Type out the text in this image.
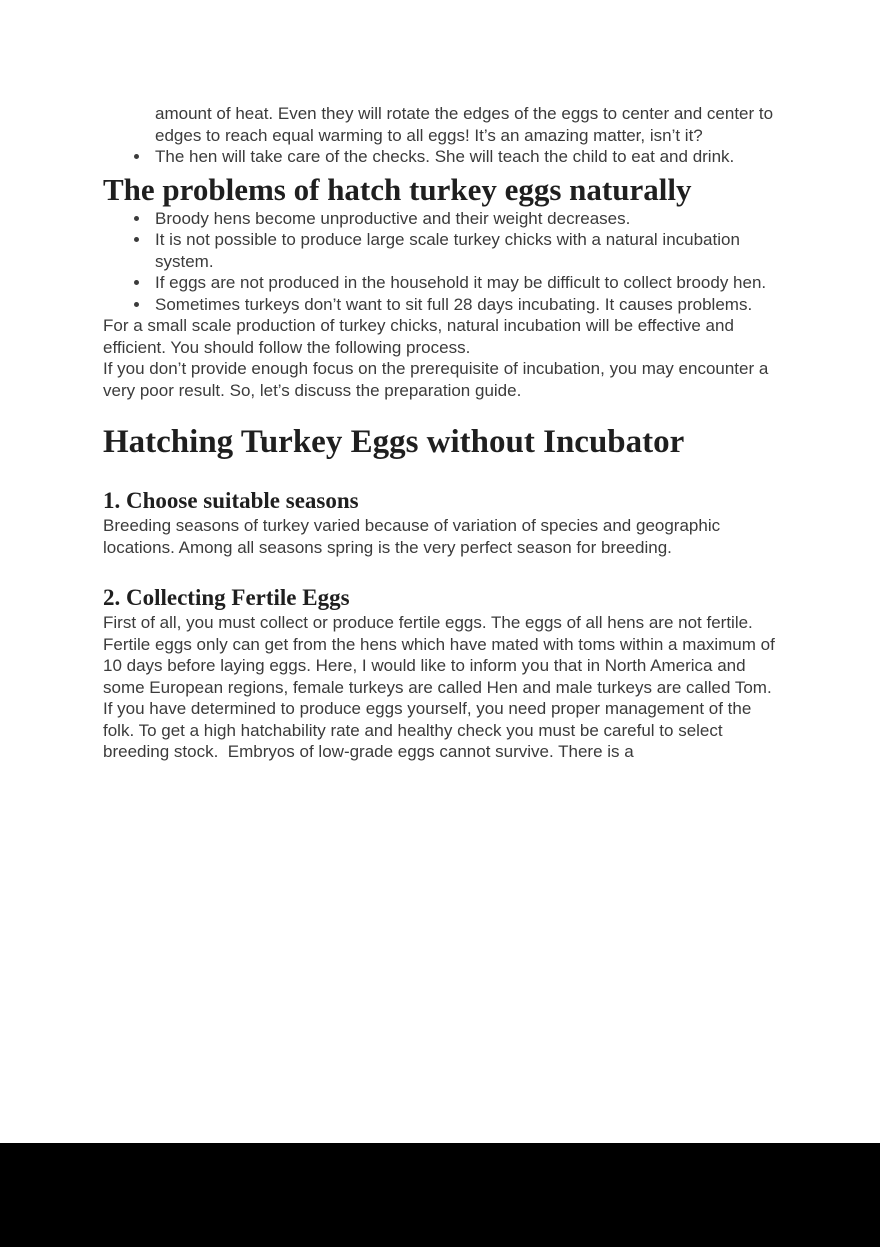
amount of heat. Even they will rotate the edges of the eggs to center and center to edges to reach equal warming to all eggs! It’s an amazing matter, isn’t it?
The hen will take care of the checks. She will teach the child to eat and drink.
The problems of hatch turkey eggs naturally
Broody hens become unproductive and their weight decreases.
It is not possible to produce large scale turkey chicks with a natural incubation system.
If eggs are not produced in the household it may be difficult to collect broody hen.
Sometimes turkeys don’t want to sit full 28 days incubating. It causes problems.

For a small scale production of turkey chicks, natural incubation will be effective and efficient. You should follow the following process.

If you don’t provide enough focus on the prerequisite of incubation, you may encounter a very poor result. So, let’s discuss the preparation guide.

Hatching Turkey Eggs without Incubator
1. Choose suitable seasons

Breeding seasons of turkey varied because of variation of species and geographic locations. Among all seasons spring is the very perfect season for breeding.

2. Collecting Fertile Eggs

First of all, you must collect or produce fertile eggs. The eggs of all hens are not fertile. Fertile eggs only can get from the hens which have mated with toms within a maximum of 10 days before laying eggs. Here, I would like to inform you that in North America and some European regions, female turkeys are called Hen and male turkeys are called Tom.

If you have determined to produce eggs yourself, you need proper management of the folk. To get a high hatchability rate and healthy check you must be careful to select breeding stock.  Embryos of low-grade eggs cannot survive. There is a
